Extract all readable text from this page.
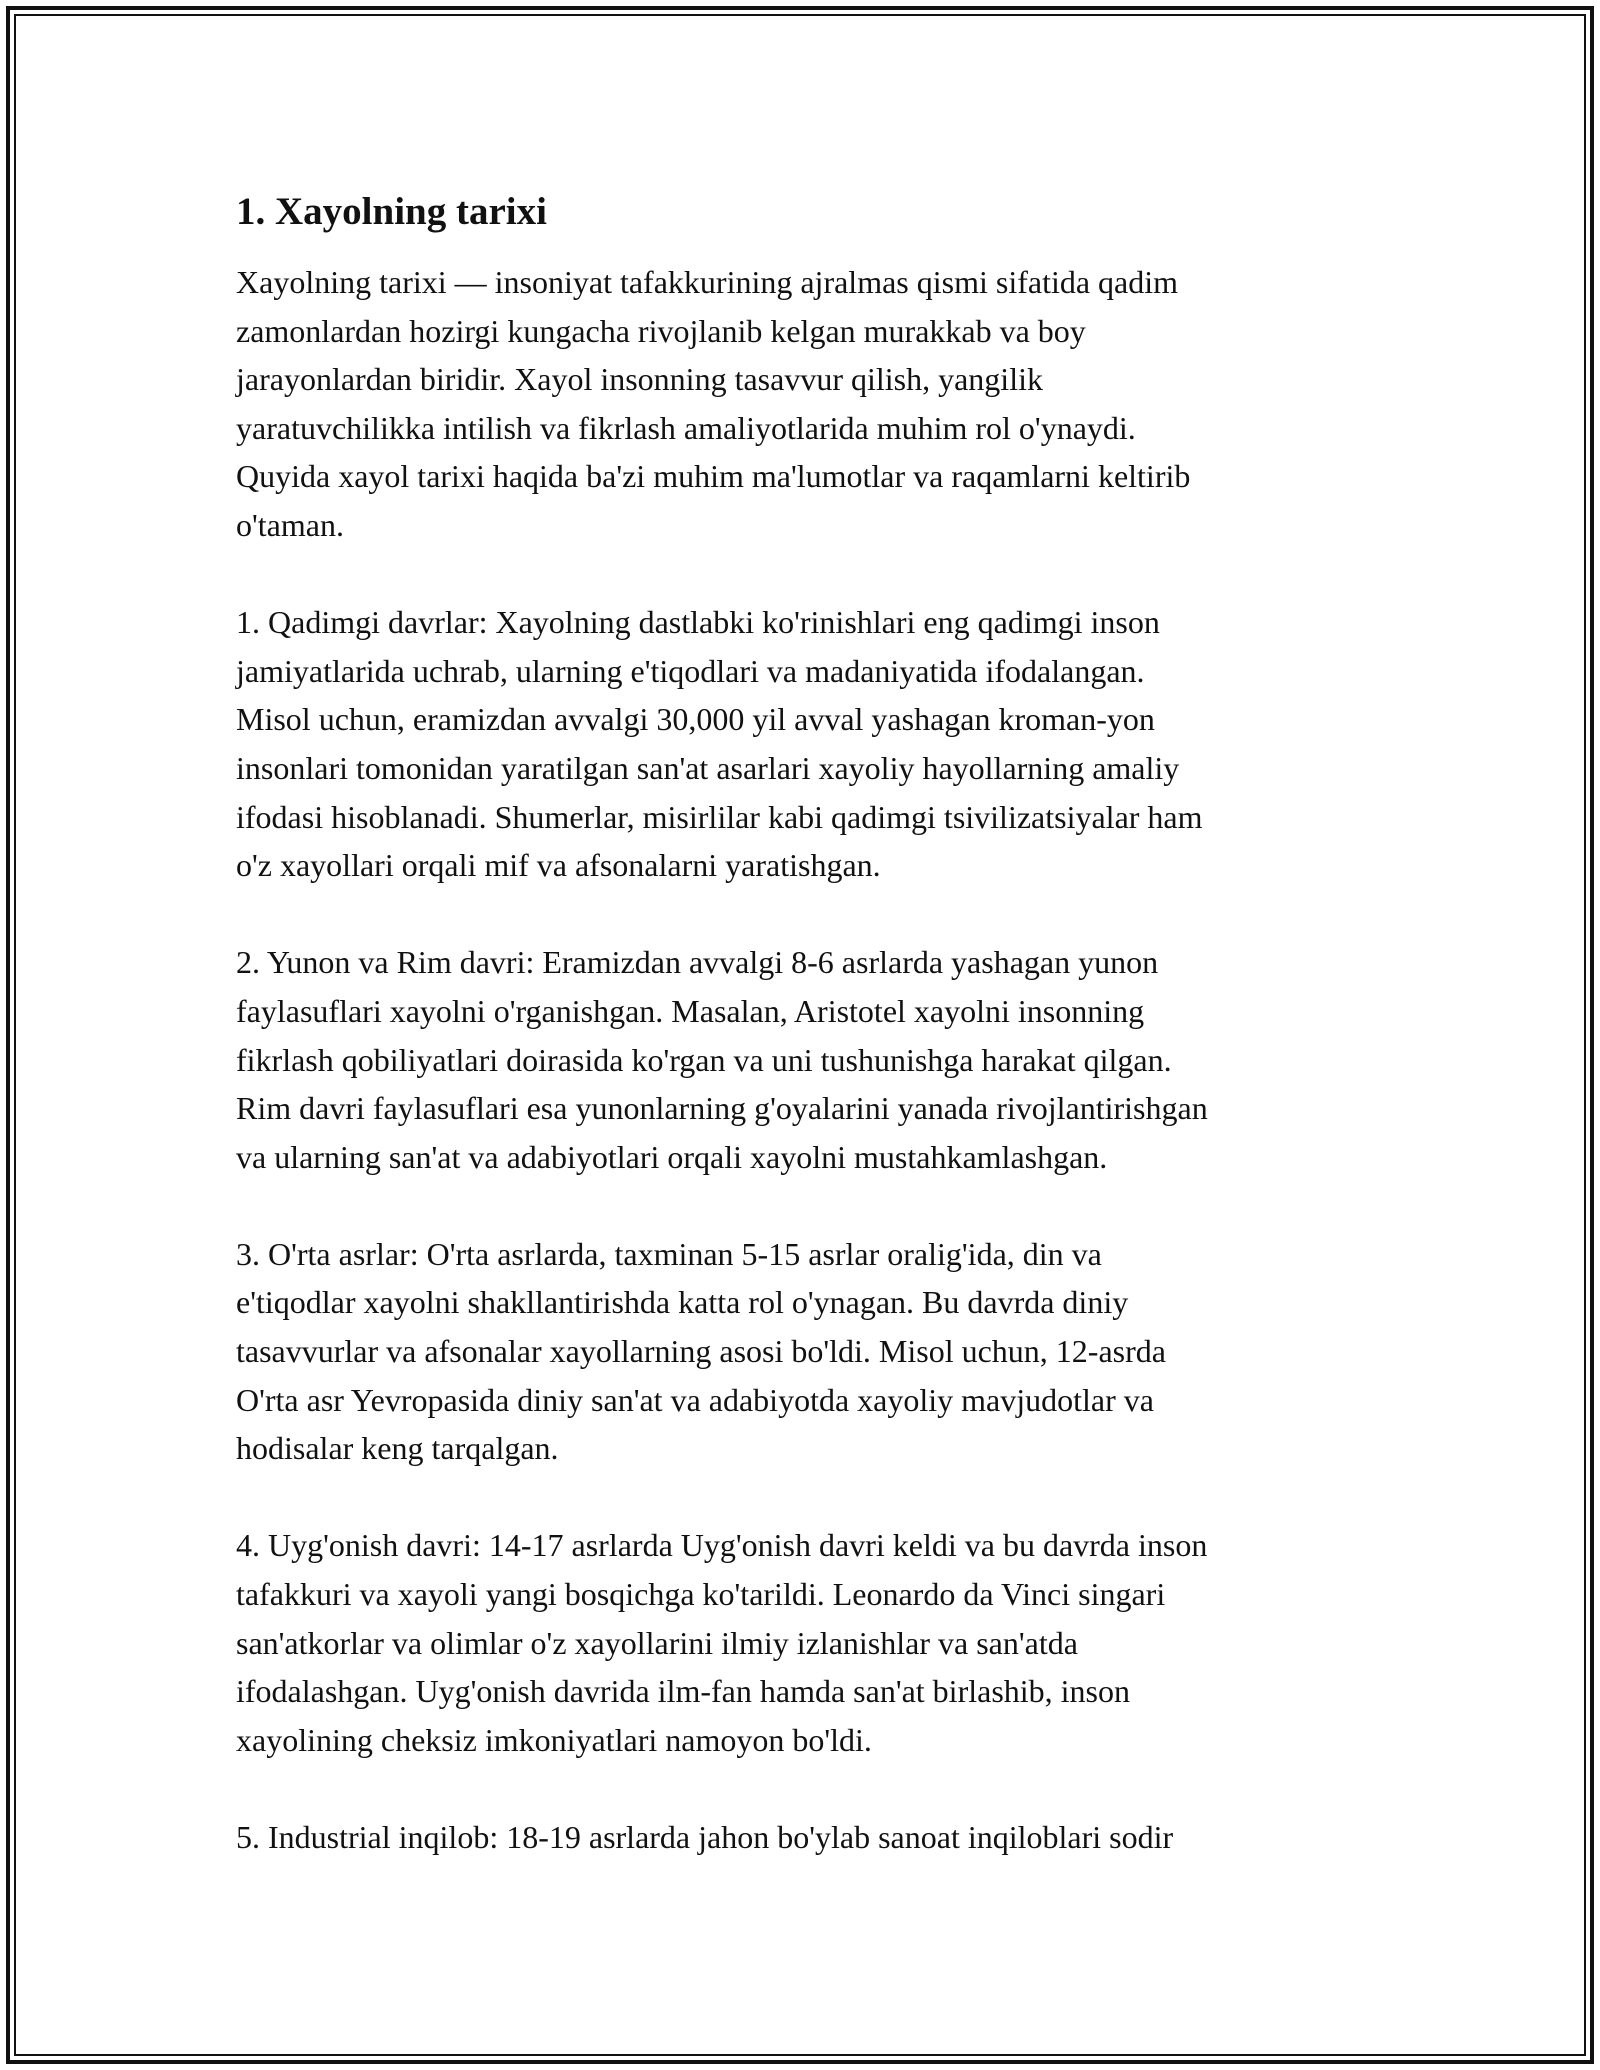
1. Xayolning tarixi

Xayolning tarixi — insoniyat tafakkurining ajralmas qismi sifatida qadim
zamonlardan hozirgi kungacha rivojlanib kelgan murakkab va boy
jarayonlardan biridir. Xayol insonning tasavvur qilish, yangilik
yaratuvchilikka intilish va fikrlash amaliyotlarida muhim rol o'ynaydi.
Quyida xayol tarixi haqida ba'zi muhim ma'lumotlar va raqamlarni keltirib
o'taman.

1. Qadimgi davrlar: Xayolning dastlabki ko'rinishlari eng qadimgi inson
jamiyatlarida uchrab, ularning e'tiqodlari va madaniyatida ifodalangan.
Misol uchun, eramizdan avvalgi 30,000 yil avval yashagan kroman-yon
insonlari tomonidan yaratilgan san'at asarlari xayoliy hayollarning amaliy
ifodasi hisoblanadi. Shumerlar, misirlilar kabi qadimgi tsivilizatsiyalar ham
o'z xayollari orqali mif va afsonalarni yaratishgan.

2. Yunon va Rim davri: Eramizdan avvalgi 8-6 asrlarda yashagan yunon
faylasuflari xayolni o'rganishgan. Masalan, Aristotel xayolni insonning
fikrlash qobiliyatlari doirasida ko'rgan va uni tushunishga harakat qilgan.
Rim davri faylasuflari esa yunonlarning g'oyalarini yanada rivojlantirishgan
va ularning san'at va adabiyotlari orqali xayolni mustahkamlashgan.

3. O'rta asrlar: O'rta asrlarda, taxminan 5-15 asrlar oralig'ida, din va
e'tiqodlar xayolni shakllantirishda katta rol o'ynagan. Bu davrda diniy
tasavvurlar va afsonalar xayollarning asosi bo'ldi. Misol uchun, 12-asrda
O'rta asr Yevropasida diniy san'at va adabiyotda xayoliy mavjudotlar va
hodisalar keng tarqalgan.

4. Uyg'onish davri: 14-17 asrlarda Uyg'onish davri keldi va bu davrda inson
tafakkuri va xayoli yangi bosqichga ko'tarildi. Leonardo da Vinci singari
san'atkorlar va olimlar o'z xayollarini ilmiy izlanishlar va san'atda
ifodalashgan. Uyg'onish davrida ilm-fan hamda san'at birlashib, inson
xayolining cheksiz imkoniyatlari namoyon bo'ldi.

5. Industrial inqilob: 18-19 asrlarda jahon bo'ylab sanoat inqiloblari sodir
